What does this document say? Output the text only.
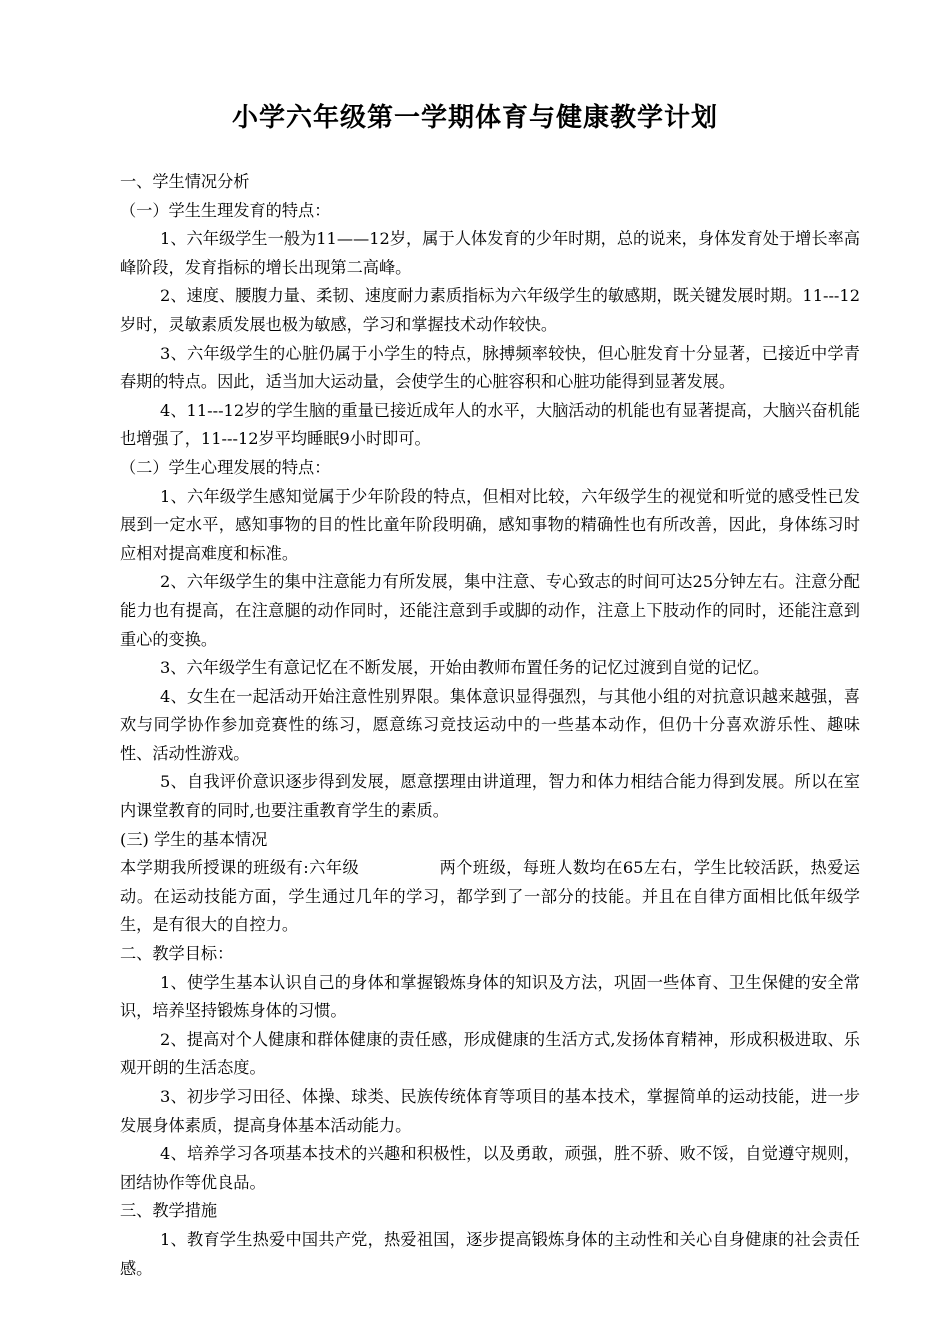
小学六年级第一学期体育与健康教学计划

一、学生情况分析

（一）学生生理发育的特点：

1、六年级学生一般为11——12岁，属于人体发育的少年时期，总的说来，身体发育处于增长率高峰阶段，发育指标的增长出现第二高峰。

2、速度、腰腹力量、柔韧、速度耐力素质指标为六年级学生的敏感期，既关键发展时期。11---12岁时，灵敏素质发展也极为敏感，学习和掌握技术动作较快。

3、六年级学生的心脏仍属于小学生的特点，脉搏频率较快，但心脏发育十分显著，已接近中学青春期的特点。因此，适当加大运动量，会使学生的心脏容积和心脏功能得到显著发展。

4、11---12岁的学生脑的重量已接近成年人的水平，大脑活动的机能也有显著提高，大脑兴奋机能也增强了，11---12岁平均睡眠9小时即可。

（二）学生心理发展的特点：

1、六年级学生感知觉属于少年阶段的特点，但相对比较，六年级学生的视觉和听觉的感受性已发展到一定水平，感知事物的目的性比童年阶段明确，感知事物的精确性也有所改善，因此，身体练习时应相对提高难度和标准。

2、六年级学生的集中注意能力有所发展，集中注意、专心致志的时间可达25分钟左右。注意分配能力也有提高，在注意腿的动作同时，还能注意到手或脚的动作，注意上下肢动作的同时，还能注意到重心的变换。

3、六年级学生有意记忆在不断发展，开始由教师布置任务的记忆过渡到自觉的记忆。

4、女生在一起活动开始注意性别界限。集体意识显得强烈，与其他小组的对抗意识越来越强，喜欢与同学协作参加竞赛性的练习，愿意练习竞技运动中的一些基本动作，但仍十分喜欢游乐性、趣味性、活动性游戏。

5、自我评价意识逐步得到发展，愿意摆理由讲道理，智力和体力相结合能力得到发展。所以在室内课堂教育的同时,也要注重教育学生的素质。

(三) 学生的基本情况

本学期我所授课的班级有:六年级	两个班级，每班人数均在65左右，学生比较活跃，热爱运动。在运动技能方面，学生通过几年的学习，都学到了一部分的技能。并且在自律方面相比低年级学生，是有很大的自控力。

二、教学目标：

1、使学生基本认识自己的身体和掌握锻炼身体的知识及方法，巩固一些体育、卫生保健的安全常识，培养坚持锻炼身体的习惯。

2、提高对个人健康和群体健康的责任感，形成健康的生活方式,发扬体育精神，形成积极进取、乐观开朗的生活态度。

3、初步学习田径、体操、球类、民族传统体育等项目的基本技术，掌握简单的运动技能，进一步发展身体素质，提高身体基本活动能力。

4、培养学习各项基本技术的兴趣和积极性，以及勇敢，顽强，胜不骄、败不馁，自觉遵守规则，团结协作等优良品。

三、教学措施

1、教育学生热爱中国共产党，热爱祖国，逐步提高锻炼身体的主动性和关心自身健康的社会责任感。
